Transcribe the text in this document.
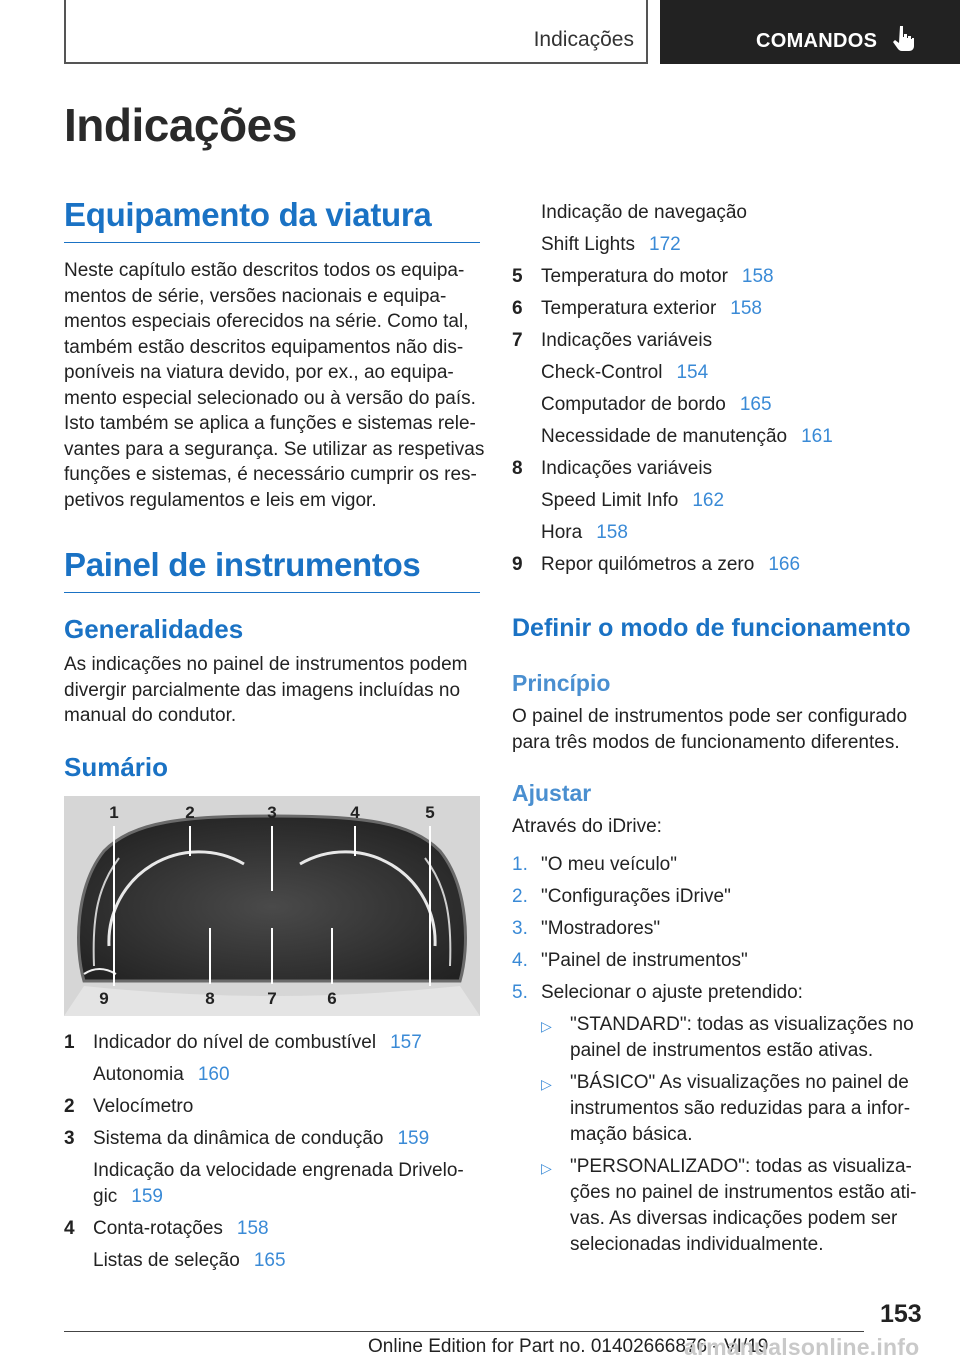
Indicações	COMANDOS
Indicações
Equipamento da viatura
Neste capítulo estão descritos todos os equipa-
mentos de série, versões nacionais e equipa-
mentos especiais oferecidos na série. Como tal,
também estão descritos equipamentos não dis-
poníveis na viatura devido, por ex., ao equipa-
mento especial selecionado ou à versão do país.
Isto também se aplica a funções e sistemas rele-
vantes para a segurança. Se utilizar as respetivas
funções e sistemas, é necessário cumprir os res-
petivos regulamentos e leis em vigor.
Painel de instrumentos
Generalidades
As indicações no painel de instrumentos podem
divergir parcialmente das imagens incluídas no
manual do condutor.
Sumário
1	2	3	4	5
9	8	7	6
Definir o modo de funcionamento
Princípio
O painel de instrumentos pode ser configurado
para três modos de funcionamento diferentes.
Ajustar
Através do iDrive:
153
Online Edition for Part no. 01402666876 - VI/19
armanualsonline.info
1 Indicador do nível de combustível 157
Autonomia 160
2 Velocímetro
3 Sistema da dinâmica de condução 159
Indicação da velocidade engrenada Drivelo-
gic 159
4 Conta-rotações 158
Listas de seleção 165
Indicação de navegação
Shift Lights 172
5 Temperatura do motor 158
6 Temperatura exterior 158
7 Indicações variáveis
Check-Control 154
Computador de bordo 165
Necessidade de manutenção 161
8 Indicações variáveis
Speed Limit Info 162
Hora 158
9 Repor quilómetros a zero 166
1. "O meu veículo"
2. "Configurações iDrive"
3. "Mostradores"
4. "Painel de instrumentos"
5. Selecionar o ajuste pretendido:
▷ "STANDARD": todas as visualizações no
painel de instrumentos estão ativas.
▷ "BÁSICO" As visualizações no painel de
instrumentos são reduzidas para a infor-
mação básica.
▷ "PERSONALIZADO": todas as visualiza-
ções no painel de instrumentos estão ati-
vas. As diversas indicações podem ser
selecionadas individualmente.
